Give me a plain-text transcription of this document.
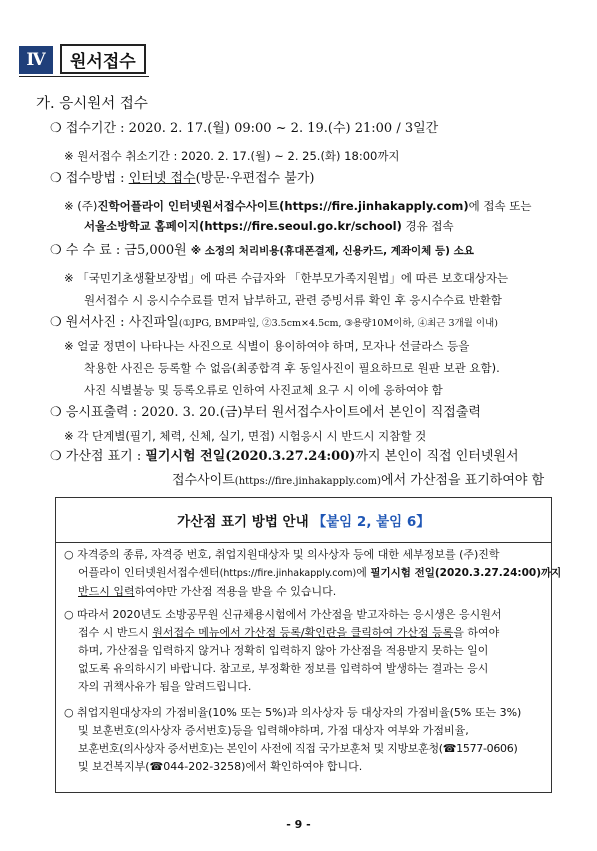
Ⅳ	원서접수
가. 응시원서 접수
❍ 접수기간 : 2020. 2. 17.(월) 09:00 ~ 2. 19.(수) 21:00 / 3일간
※ 원서접수 취소기간 : 2020. 2. 17.(월) ~ 2. 25.(화) 18:00까지
❍ 접수방법 : 인터넷 접수(방문·우편접수 불가)
※ (주)진학어플라이 인터넷원서접수사이트(https://fire.jinhakapply.com)에 접속 또는
서울소방학교 홈페이지(https://fire.seoul.go.kr/school) 경유 접속
❍ 수 수 료 : 금5,000원 ※ 소정의 처리비용(휴대폰결제, 신용카드, 계좌이체 등) 소요
※ 「국민기초생활보장법」에 따른 수급자와 「한부모가족지원법」에 따른 보호대상자는
원서접수 시 응시수수료를 먼저 납부하고, 관련 증빙서류 확인 후 응시수수료 반환함
❍ 원서사진 : 사진파일(①JPG, BMP파일, ②3.5cm×4.5cm, ③용량10M이하, ④최근 3개월 이내)
※ 얼굴 정면이 나타나는 사진으로 식별이 용이하여야 하며, 모자나 선글라스 등을
착용한 사진은 등록할 수 없음(최종합격 후 동일사진이 필요하므로 원판 보관 요함).
사진 식별불능 및 등록오류로 인하여 사진교체 요구 시 이에 응하여야 함
❍ 응시표출력 : 2020. 3. 20.(금)부터 원서접수사이트에서 본인이 직접출력
※ 각 단계별(필기, 체력, 신체, 실기, 면접) 시험응시 시 반드시 지참할 것
❍ 가산점 표기 : 필기시험 전일(2020.3.27.24:00)까지 본인이 직접 인터넷원서
접수사이트(https://fire.jinhakapply.com)에서 가산점을 표기하여야 함
가산점 표기 방법 안내 【붙임 2, 붙임 6】
○ 자격증의 종류, 자격증 번호, 취업지원대상자 및 의사상자 등에 대한 세부정보를 (주)진학
어플라이 인터넷원서접수센터(https://fire.jinhakapply.com)에 필기시험 전일(2020.3.27.24:00)까지
반드시 입력하여야만 가산점 적용을 받을 수 있습니다.
○ 따라서 2020년도 소방공무원 신규채용시험에서 가산점을 받고자하는 응시생은 응시원서
접수 시 반드시 원서접수 메뉴에서 가산점 등록/확인란을 클릭하여 가산점 등록을 하여야
하며, 가산점을 입력하지 않거나 정확히 입력하지 않아 가산점을 적용받지 못하는 일이
없도록 유의하시기 바랍니다. 참고로, 부정확한 정보를 입력하여 발생하는 결과는 응시
자의 귀책사유가 됨을 알려드립니다.
○ 취업지원대상자의 가점비율(10% 또는 5%)과 의사상자 등 대상자의 가점비율(5% 또는 3%)
및 보훈번호(의사상자 증서번호)등을 입력해야하며, 가점 대상자 여부와 가점비율,
보훈번호(의사상자 증서번호)는 본인이 사전에 직접 국가보훈처 및 지방보훈청(☎1577-0606)
및 보건복지부(☎044-202-3258)에서 확인하여야 합니다.
- 9 -
